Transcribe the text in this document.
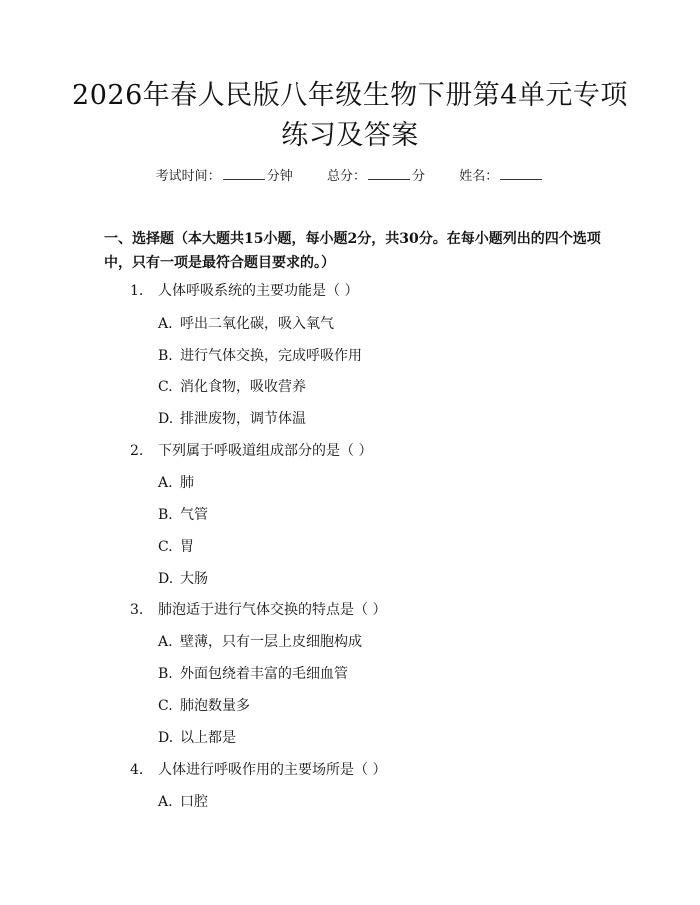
2026年春人民版八年级生物下册第4单元专项练习及答案
考试时间：	分钟	总分：	分	姓名：
一、选择题（本大题共15小题，每小题2分，共30分。在每小题列出的四个选项中，只有一项是最符合题目要求的。）
1. 人体呼吸系统的主要功能是（ ）
A. 呼出二氧化碳，吸入氧气
B. 进行气体交换，完成呼吸作用
C. 消化食物，吸收营养
D. 排泄废物，调节体温
2. 下列属于呼吸道组成部分的是（ ）
A. 肺
B. 气管
C. 胃
D. 大肠
3. 肺泡适于进行气体交换的特点是（ ）
A. 壁薄，只有一层上皮细胞构成
B. 外面包绕着丰富的毛细血管
C. 肺泡数量多
D. 以上都是
4. 人体进行呼吸作用的主要场所是（ ）
A. 口腔
